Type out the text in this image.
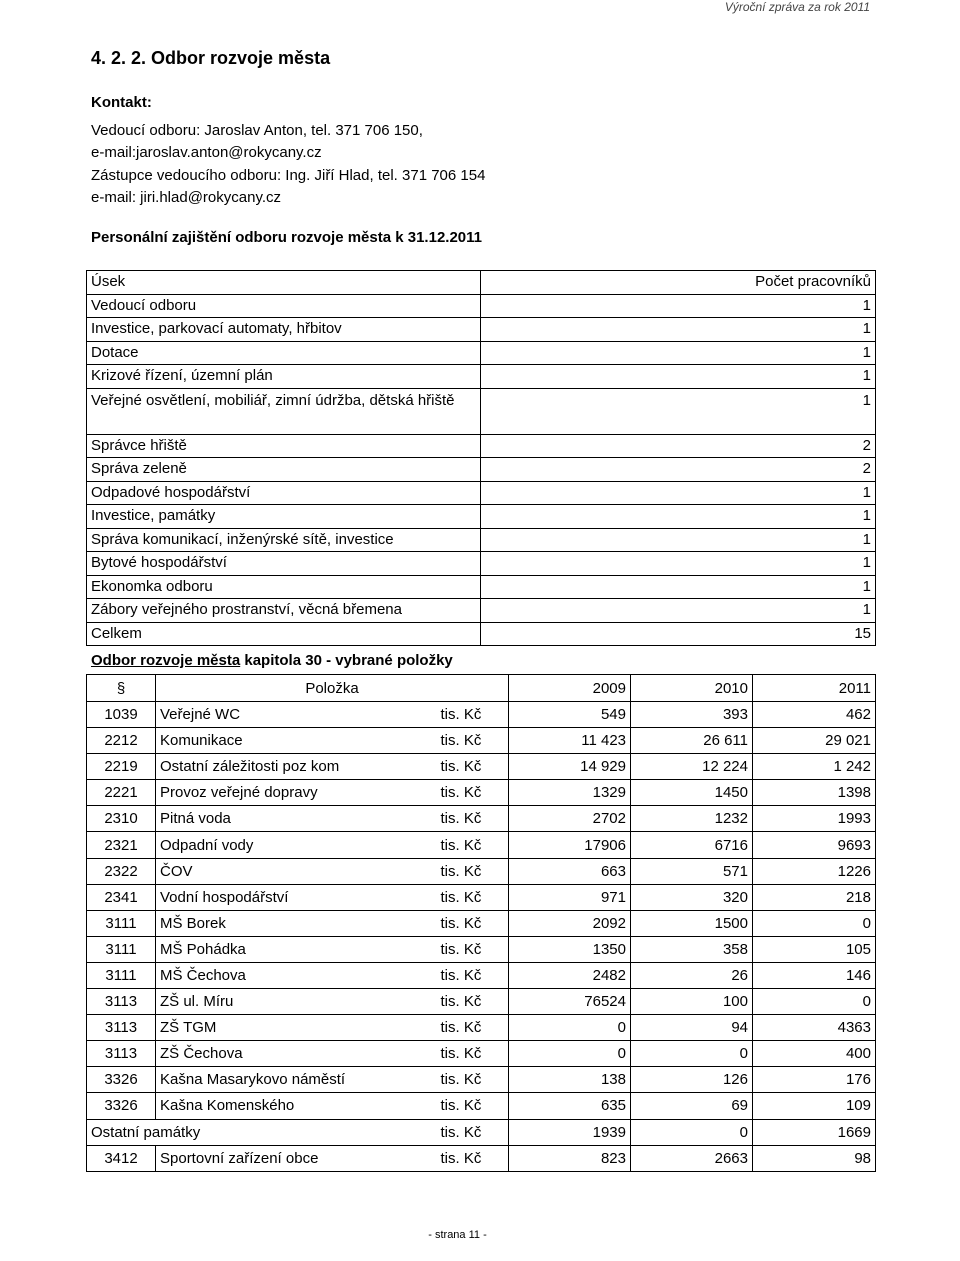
Výroční zpráva za rok 2011
4. 2. 2. Odbor rozvoje města
Kontakt:
Vedoucí odboru: Jaroslav Anton, tel. 371 706 150,
e-mail:jaroslav.anton@rokycany.cz
Zástupce vedoucího odboru: Ing. Jiří Hlad, tel. 371 706 154
e-mail: jiri.hlad@rokycany.cz
Personální zajištění odboru rozvoje města k 31.12.2011
Úsek	Počet pracovníků
Vedoucí odboru	1
Investice, parkovací automaty, hřbitov	1
Dotace	1
Krizové řízení, územní plán	1
Veřejné osvětlení, mobiliář, zimní údržba, dětská hřiště	1
Správce hřiště	2
Správa zeleně	2
Odpadové hospodářství	1
Investice, památky	1
Správa komunikací, inženýrské sítě, investice	1
Bytové hospodářství	1
Ekonomka odboru	1
Zábory veřejného prostranství, věcná břemena	1
Celkem	15
Odbor rozvoje města kapitola 30 - vybrané položky
§	Položka		2009	2010	2011
1039	Veřejné WC	tis. Kč	549	393	462
2212	Komunikace	tis. Kč	11 423	26 611	29 021
2219	Ostatní záležitosti poz kom	tis. Kč	14 929	12 224	1 242
2221	Provoz veřejné dopravy	tis. Kč	1329	1450	1398
2310	Pitná voda	tis. Kč	2702	1232	1993
2321	Odpadní vody	tis. Kč	17906	6716	9693
2322	ČOV	tis. Kč	663	571	1226
2341	Vodní hospodářství	tis. Kč	971	320	218
3111	MŠ Borek	tis. Kč	2092	1500	0
3111	MŠ Pohádka	tis. Kč	1350	358	105
3111	MŠ Čechova	tis. Kč	2482	26	146
3113	ZŠ ul. Míru	tis. Kč	76524	100	0
3113	ZŠ TGM	tis. Kč	0	94	4363
3113	ZŠ Čechova	tis. Kč	0	0	400
3326	Kašna Masarykovo náměstí	tis. Kč	138	126	176
3326	Kašna Komenského	tis. Kč	635	69	109
Ostatní památky		tis. Kč	1939	0	1669
3412	Sportovní zařízení obce	tis. Kč	823	2663	98
- strana 11 -
